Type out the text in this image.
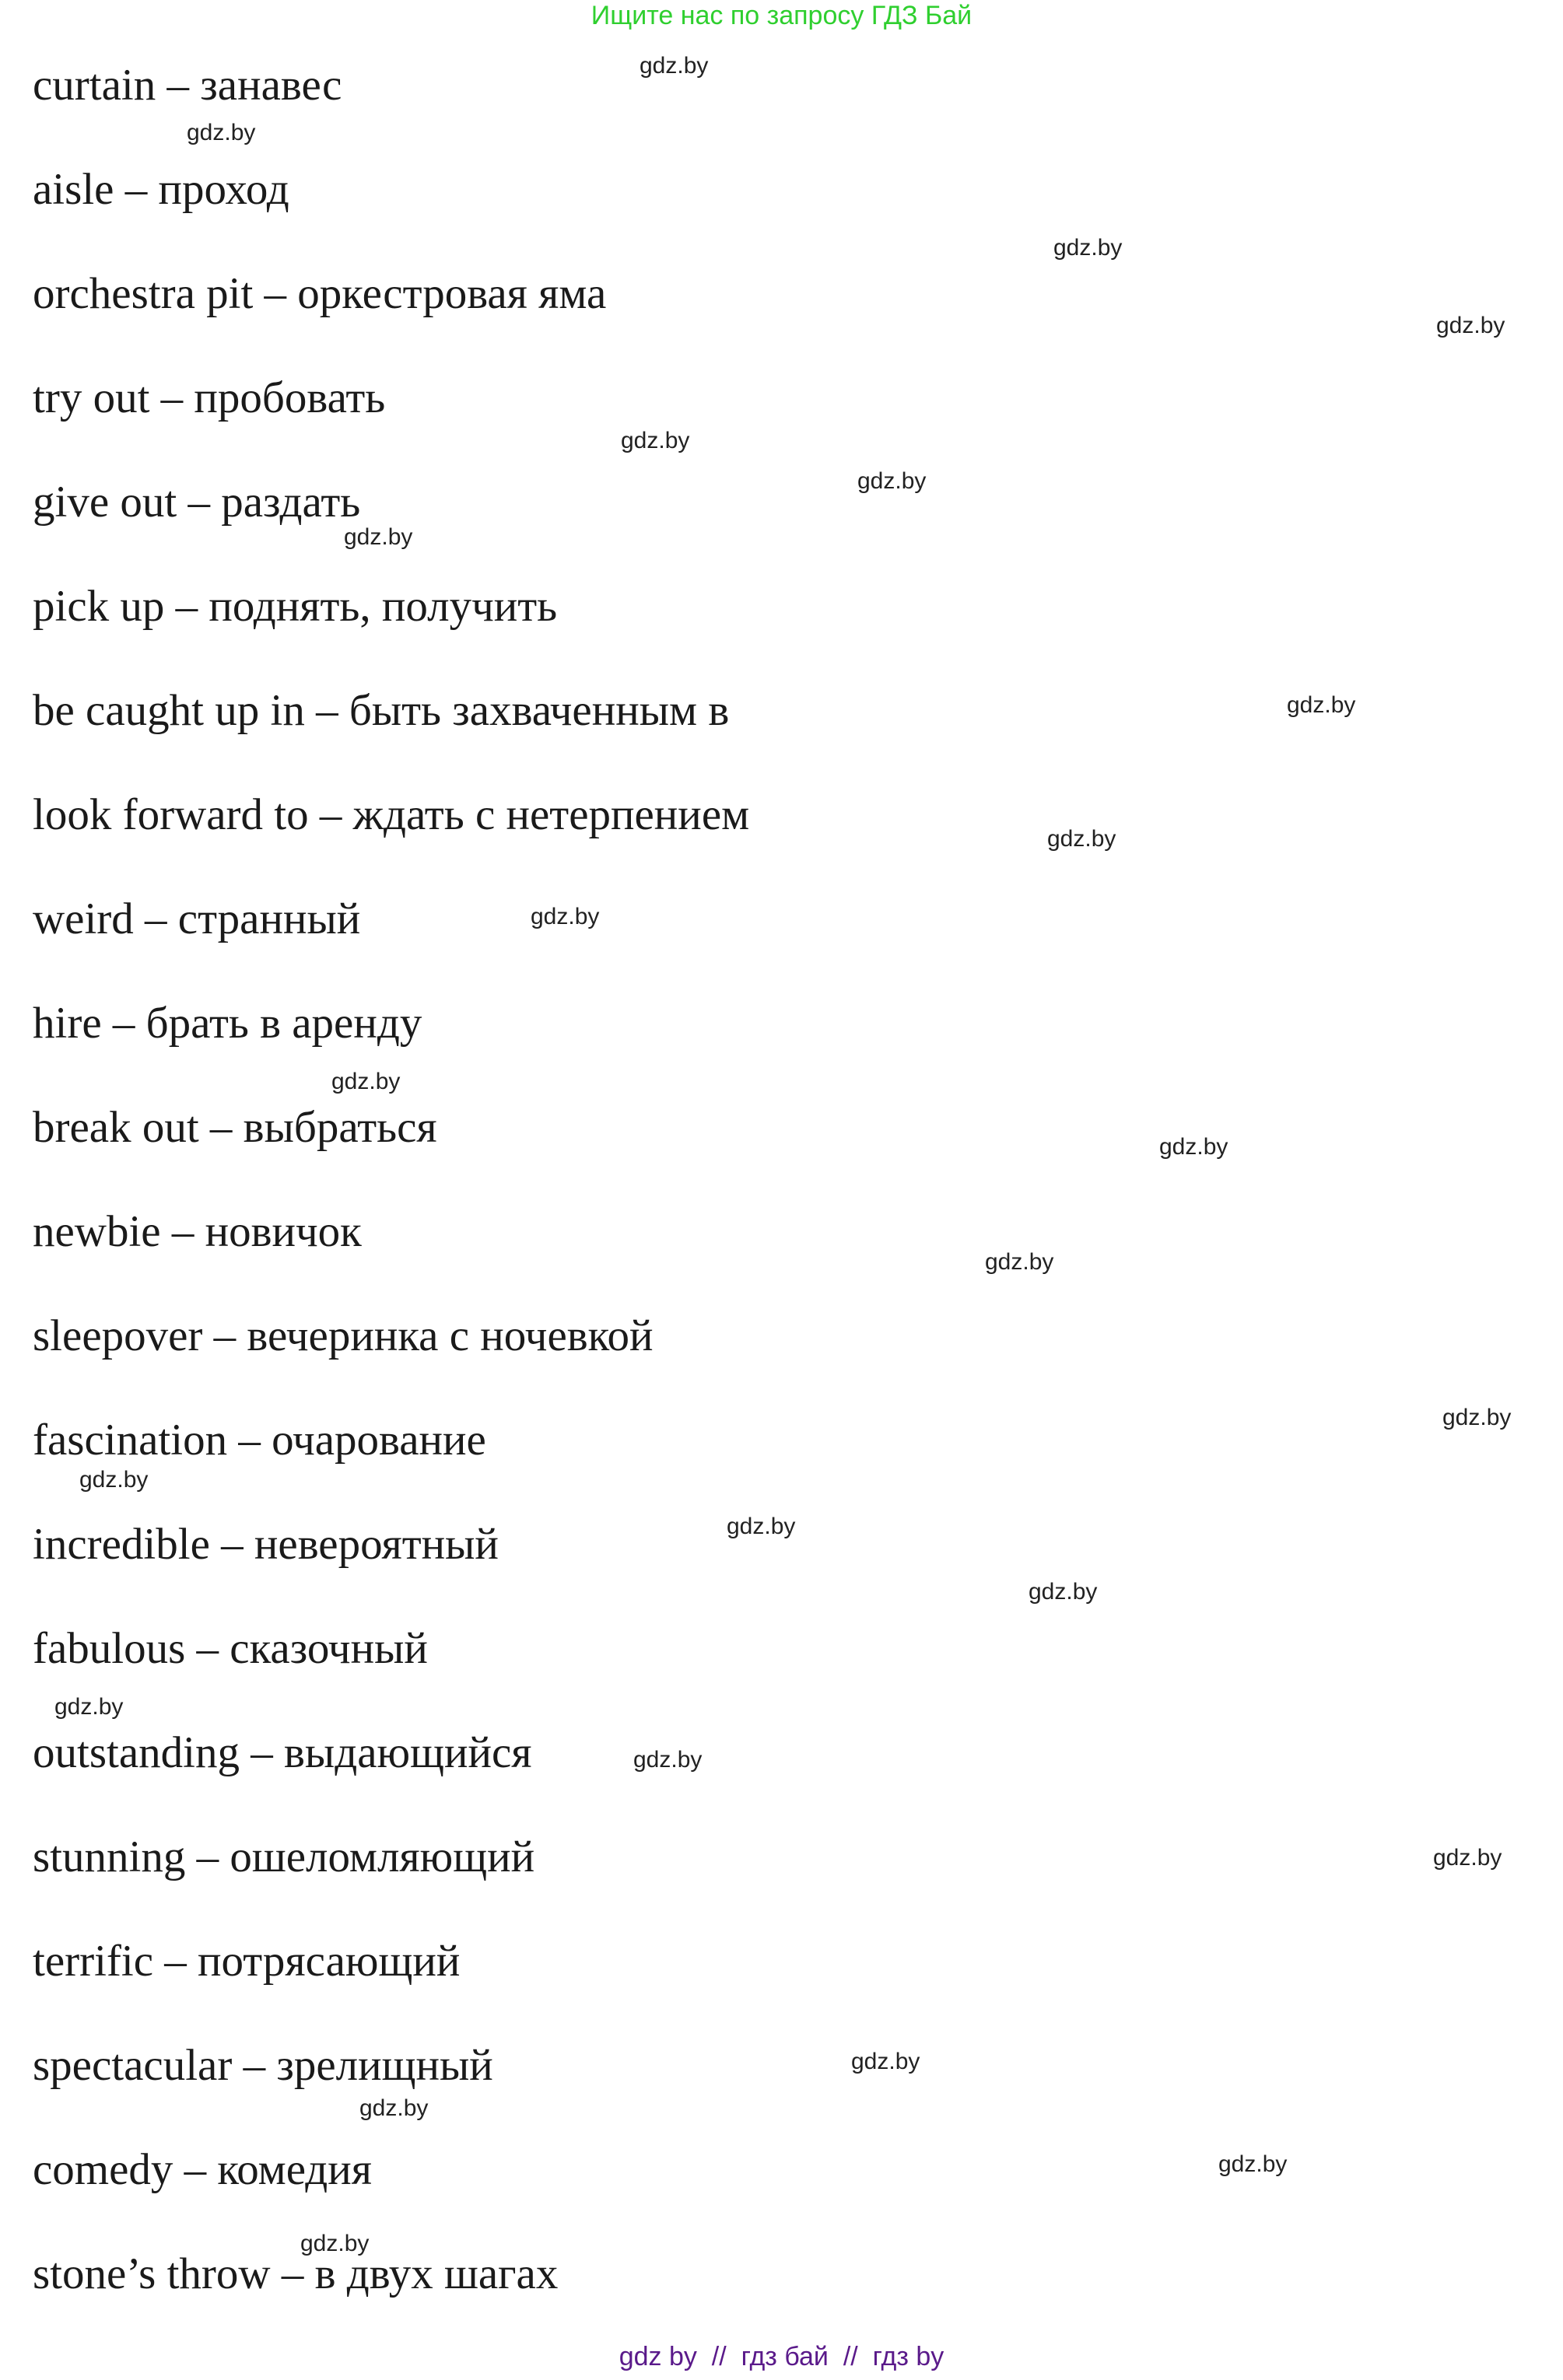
Ищите нас по запросу ГДЗ Бай
curtain – занавес
aisle – проход
orchestra pit – оркестровая яма
try out – пробовать
give out – раздать
pick up – поднять, получить
be caught up in – быть захваченным в
look forward to – ждать с нетерпением
weird – странный
hire – брать в аренду
break out – выбраться
newbie – новичок
sleepover – вечеринка с ночевкой
fascination – очарование
incredible – невероятный
fabulous – сказочный
outstanding – выдающийся
stunning – ошеломляющий
terrific – потрясающий
spectacular – зрелищный
comedy – комедия
stone’s throw – в двух шагах
gdz.by
gdz.by
gdz.by
gdz.by
gdz.by
gdz.by
gdz.by
gdz.by
gdz.by
gdz.by
gdz.by
gdz.by
gdz.by
gdz.by
gdz.by
gdz.by
gdz.by
gdz.by
gdz.by
gdz.by
gdz.by
gdz.by
gdz.by
gdz.by
gdz by  //  гдз бай  //  гдз by
